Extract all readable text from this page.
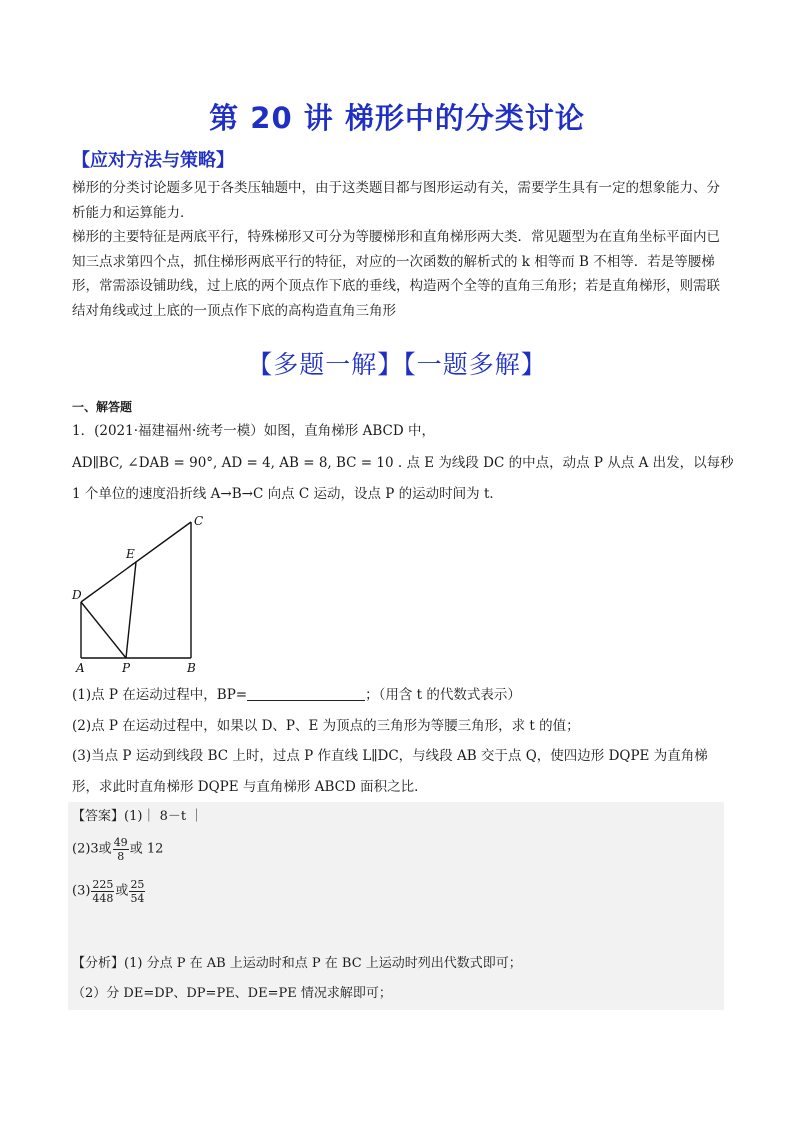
第 20 讲 梯形中的分类讨论
【应对方法与策略】
梯形的分类讨论题多见于各类压轴题中，由于这类题目都与图形运动有关，需要学生具有一定的想象能力、分析能力和运算能力．
梯形的主要特征是两底平行，特殊梯形又可分为等腰梯形和直角梯形两大类．常见题型为在直角坐标平面内已知三点求第四个点，抓住梯形两底平行的特征，对应的一次函数的解析式的 k 相等而 B 不相等．若是等腰梯形，常需添设铺助线，过上底的两个顶点作下底的垂线，构造两个全等的直角三角形；若是直角梯形，则需联结对角线或过上底的一顶点作下底的高构造直角三角形
【多题一解】【一题多解】
一、解答题
1．(2021·福建福州·统考一模）如图，直角梯形 ABCD 中，
AD∥BC, ∠DAB = 90°, AD = 4, AB = 8, BC = 10 . 点 E 为线段 DC 的中点，动点 P 从点 A 出发，以每秒
1 个单位的速度沿折线 A→B→C 向点 C 运动，设点 P 的运动时间为 t．
A	B
C
D
E
P
(1)点 P 在运动过程中，BP=	；（用含 t 的代数式表示）
(2)点 P 在运动过程中，如果以 D、P、E 为顶点的三角形为等腰三角形，求 t 的值；
(3)当点 P 运动到线段 BC 上时，过点 P 作直线 L∥DC，与线段 AB 交于点 Q，使四边形 DQPE 为直角梯
形，求此时直角梯形 DQPE 与直角梯形 ABCD 面积之比．
【答案】(1)｜ 8－t ｜
(2)3或 $\frac{49}{8}$ 或 12
$(3) \frac{225}{448}$ 或 $\frac{25}{54}$
【分析】(1) 分点 P 在 AB 上运动时和点 P 在 BC 上运动时列出代数式即可；
（2）分 DE=DP、DP=PE、DE=PE 情况求解即可；
